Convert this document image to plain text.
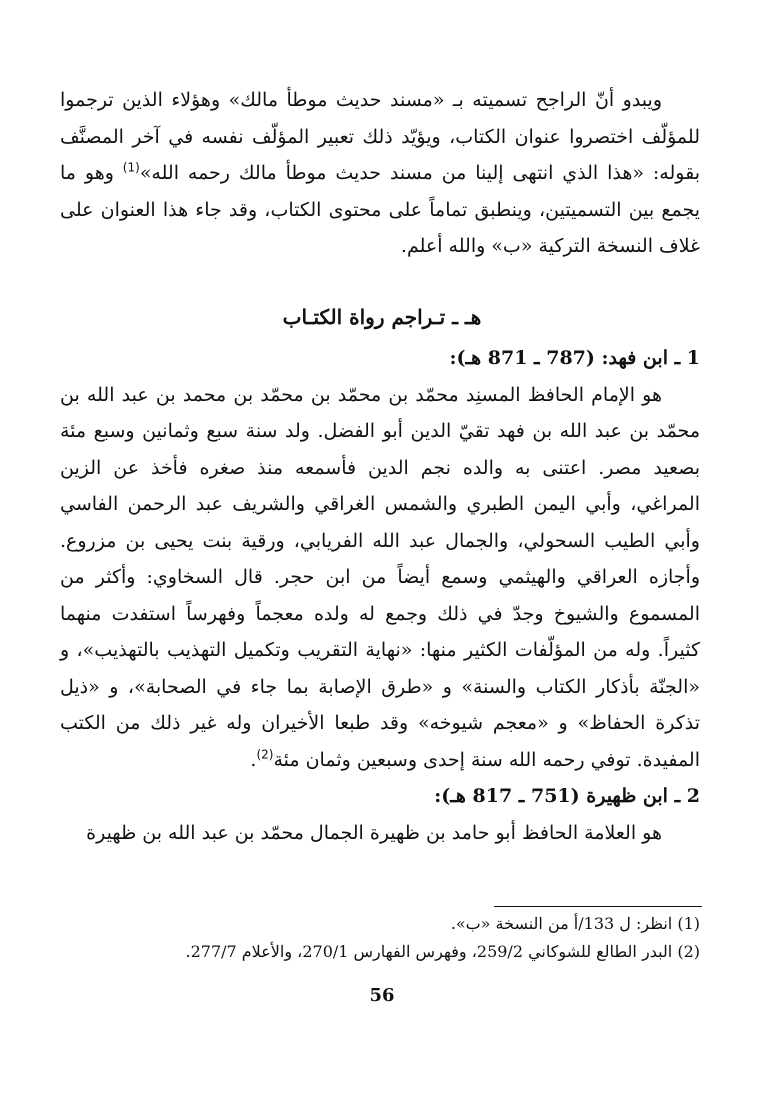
ويبدو أنّ الراجح تسميته بـ «مسند حديث موطأ مالك» وهؤلاء الذين ترجموا للمؤلّف اختصروا عنوان الكتاب، ويؤيّد ذلك تعبير المؤلّف نفسه في آخر المصنَّف بقوله: «هذا الذي انتهى إلينا من مسند حديث موطأ مالك رحمه الله»$^{(1)}$ وهو ما يجمع بين التسميتين، وينطبق تماماً على محتوى الكتاب، وقد جاء هذا العنوان على غلاف النسخة التركية «ب» والله أعلم.

هـ ـ تـراجم رواة الكتـاب

1 ـ ابن فهد: (787 ـ 871 هـ):

هو الإمام الحافظ المسنِد محمّد بن محمّد بن محمّد بن محمد بن عبد الله بن محمّد بن عبد الله بن فهد تقيّ الدين أبو الفضل. ولد سنة سبع وثمانين وسبع مئة بصعيد مصر. اعتنى به والده نجم الدين فأسمعه منذ صغره فأخذ عن الزين المراغي، وأبي اليمن الطبري والشمس الغراقي والشريف عبد الرحمن الفاسي وأبي الطيب السحولي، والجمال عبد الله الفريابي، ورقية بنت يحيى بن مزروع. وأجازه العراقي والهيثمي وسمع أيضاً من ابن حجر. قال السخاوي: وأكثر من المسموع والشيوخ وجدّ في ذلك وجمع له ولده معجماً وفهرساً استفدت منهما كثيراً. وله من المؤلّفات الكثير منها: «نهاية التقريب وتكميل التهذيب بالتهذيب»، و «الجنّة بأذكار الكتاب والسنة» و «طرق الإصابة بما جاء في الصحابة»، و «ذيل تذكرة الحفاظ» و «معجم شيوخه» وقد طبعا الأخيران وله غير ذلك من الكتب المفيدة. توفي رحمه الله سنة إحدى وسبعين وثمان مئة$^{(2)}$.

2 ـ ابن ظهيرة (751 ـ 817 هـ):

هو العلامة الحافظ أبو حامد بن ظهيرة الجمال محمّد بن عبد الله بن ظهيرة

(1) انظر: ل 133/أ من النسخة «ب».

(2) البدر الطالع للشوكاني 259/2، وفهرس الفهارس 270/1، والأعلام 277/7.

56
